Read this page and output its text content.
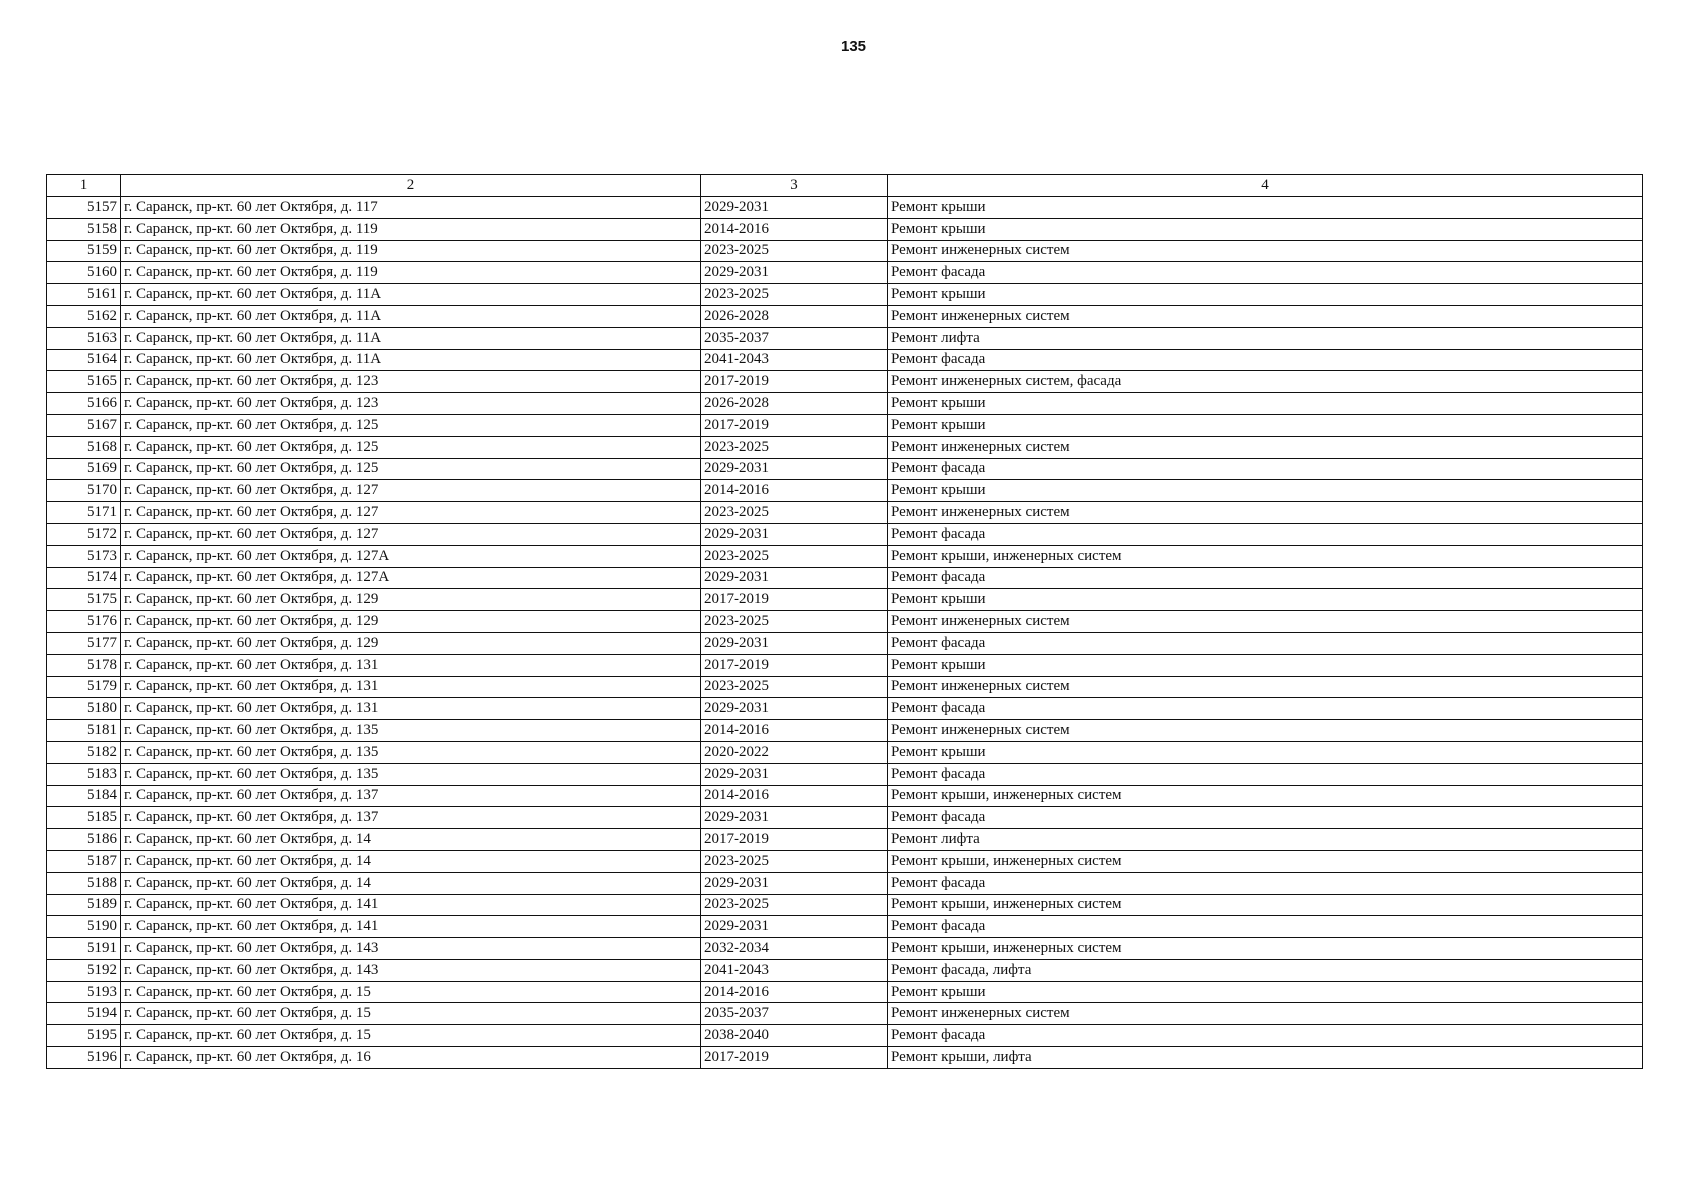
135
1	2	3	4
5157	г. Саранск, пр-кт. 60 лет Октября, д. 117	2029-2031	Ремонт крыши
5158	г. Саранск, пр-кт. 60 лет Октября, д. 119	2014-2016	Ремонт крыши
5159	г. Саранск, пр-кт. 60 лет Октября, д. 119	2023-2025	Ремонт инженерных систем
5160	г. Саранск, пр-кт. 60 лет Октября, д. 119	2029-2031	Ремонт фасада
5161	г. Саранск, пр-кт. 60 лет Октября, д. 11А	2023-2025	Ремонт крыши
5162	г. Саранск, пр-кт. 60 лет Октября, д. 11А	2026-2028	Ремонт инженерных систем
5163	г. Саранск, пр-кт. 60 лет Октября, д. 11А	2035-2037	Ремонт лифта
5164	г. Саранск, пр-кт. 60 лет Октября, д. 11А	2041-2043	Ремонт фасада
5165	г. Саранск, пр-кт. 60 лет Октября, д. 123	2017-2019	Ремонт инженерных систем, фасада
5166	г. Саранск, пр-кт. 60 лет Октября, д. 123	2026-2028	Ремонт крыши
5167	г. Саранск, пр-кт. 60 лет Октября, д. 125	2017-2019	Ремонт крыши
5168	г. Саранск, пр-кт. 60 лет Октября, д. 125	2023-2025	Ремонт инженерных систем
5169	г. Саранск, пр-кт. 60 лет Октября, д. 125	2029-2031	Ремонт фасада
5170	г. Саранск, пр-кт. 60 лет Октября, д. 127	2014-2016	Ремонт крыши
5171	г. Саранск, пр-кт. 60 лет Октября, д. 127	2023-2025	Ремонт инженерных систем
5172	г. Саранск, пр-кт. 60 лет Октября, д. 127	2029-2031	Ремонт фасада
5173	г. Саранск, пр-кт. 60 лет Октября, д. 127А	2023-2025	Ремонт крыши, инженерных систем
5174	г. Саранск, пр-кт. 60 лет Октября, д. 127А	2029-2031	Ремонт фасада
5175	г. Саранск, пр-кт. 60 лет Октября, д. 129	2017-2019	Ремонт крыши
5176	г. Саранск, пр-кт. 60 лет Октября, д. 129	2023-2025	Ремонт инженерных систем
5177	г. Саранск, пр-кт. 60 лет Октября, д. 129	2029-2031	Ремонт фасада
5178	г. Саранск, пр-кт. 60 лет Октября, д. 131	2017-2019	Ремонт крыши
5179	г. Саранск, пр-кт. 60 лет Октября, д. 131	2023-2025	Ремонт инженерных систем
5180	г. Саранск, пр-кт. 60 лет Октября, д. 131	2029-2031	Ремонт фасада
5181	г. Саранск, пр-кт. 60 лет Октября, д. 135	2014-2016	Ремонт инженерных систем
5182	г. Саранск, пр-кт. 60 лет Октября, д. 135	2020-2022	Ремонт крыши
5183	г. Саранск, пр-кт. 60 лет Октября, д. 135	2029-2031	Ремонт фасада
5184	г. Саранск, пр-кт. 60 лет Октября, д. 137	2014-2016	Ремонт крыши, инженерных систем
5185	г. Саранск, пр-кт. 60 лет Октября, д. 137	2029-2031	Ремонт фасада
5186	г. Саранск, пр-кт. 60 лет Октября, д. 14	2017-2019	Ремонт лифта
5187	г. Саранск, пр-кт. 60 лет Октября, д. 14	2023-2025	Ремонт крыши, инженерных систем
5188	г. Саранск, пр-кт. 60 лет Октября, д. 14	2029-2031	Ремонт фасада
5189	г. Саранск, пр-кт. 60 лет Октября, д. 141	2023-2025	Ремонт крыши, инженерных систем
5190	г. Саранск, пр-кт. 60 лет Октября, д. 141	2029-2031	Ремонт фасада
5191	г. Саранск, пр-кт. 60 лет Октября, д. 143	2032-2034	Ремонт крыши, инженерных систем
5192	г. Саранск, пр-кт. 60 лет Октября, д. 143	2041-2043	Ремонт фасада, лифта
5193	г. Саранск, пр-кт. 60 лет Октября, д. 15	2014-2016	Ремонт крыши
5194	г. Саранск, пр-кт. 60 лет Октября, д. 15	2035-2037	Ремонт инженерных систем
5195	г. Саранск, пр-кт. 60 лет Октября, д. 15	2038-2040	Ремонт фасада
5196	г. Саранск, пр-кт. 60 лет Октября, д. 16	2017-2019	Ремонт крыши, лифта
